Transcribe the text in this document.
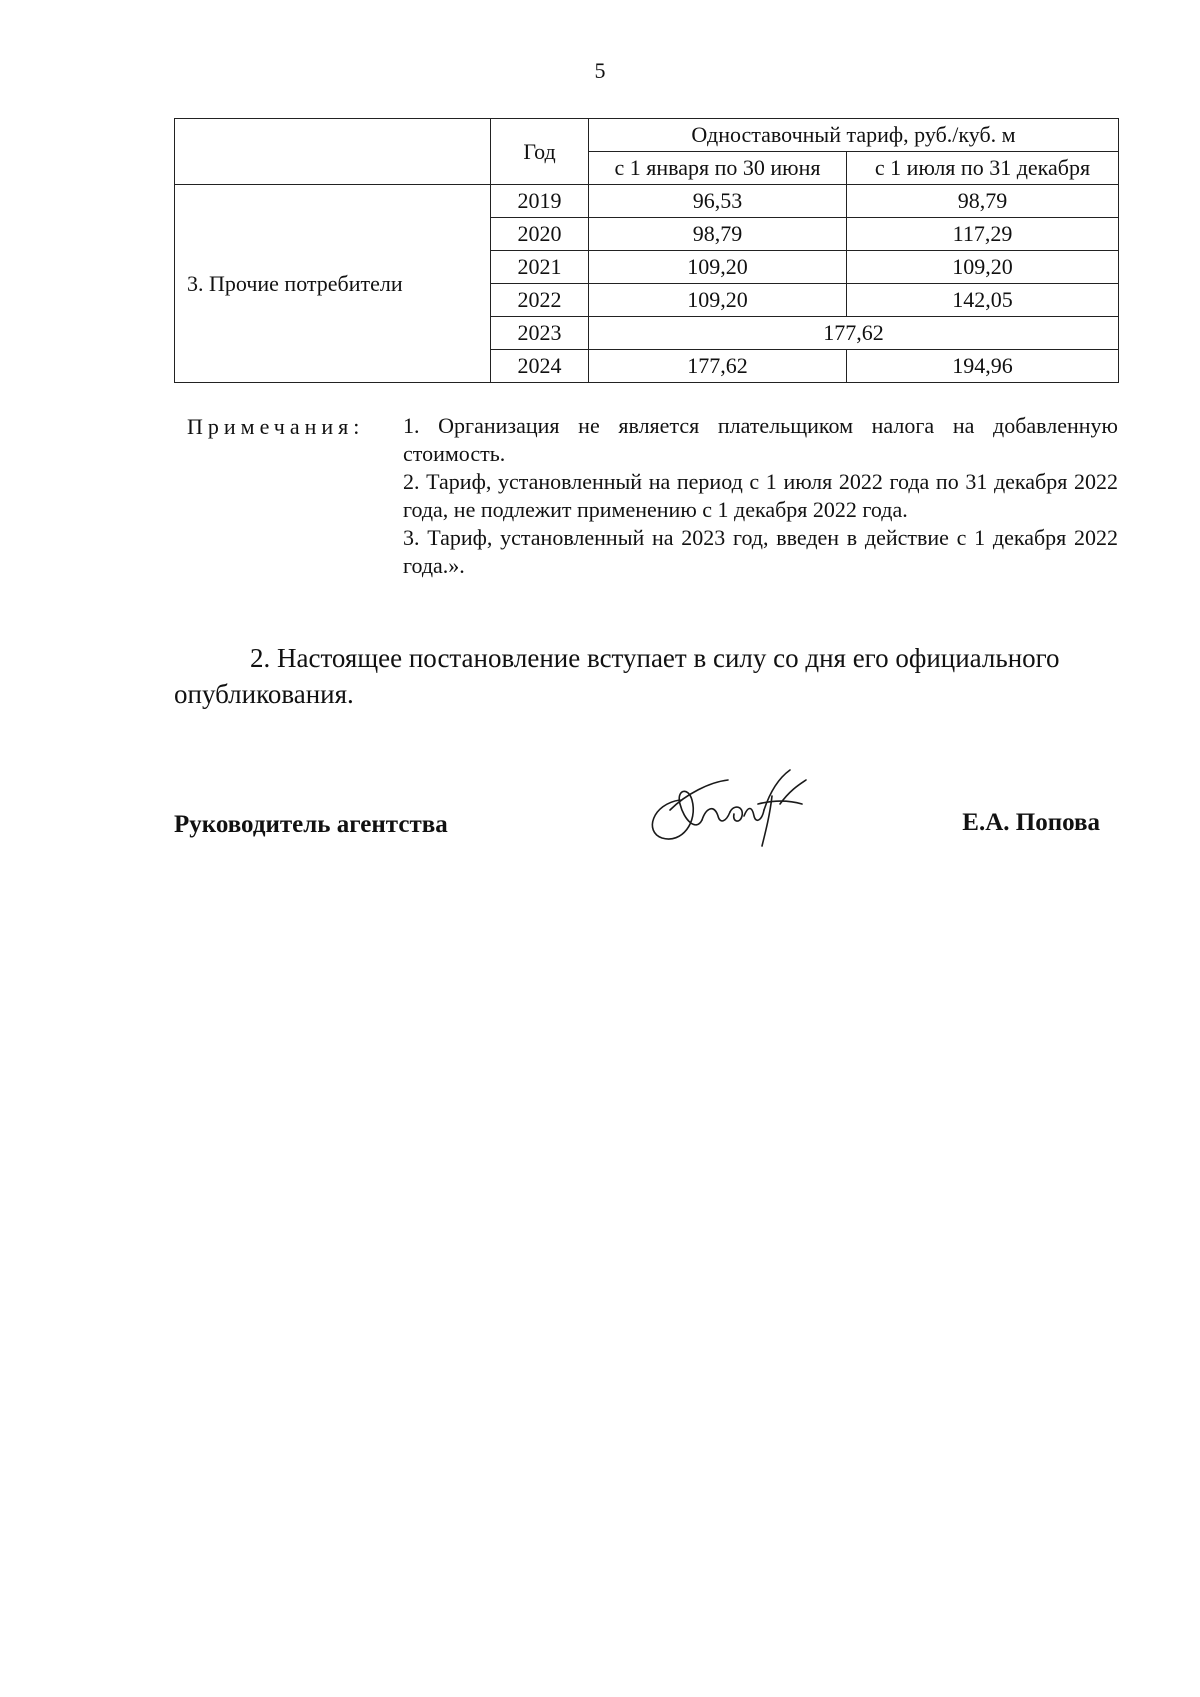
5
	Год	Одноставочный тариф, руб./куб. м	
		с 1 января по 30 июня	с 1 июля по 31 декабря
3. Прочие потребители	2019	96,53	98,79
	2020	98,79	117,29
	2021	109,20	109,20
	2022	109,20	142,05
	2023	177,62	
	2024	177,62	194,96
Примечания: 1. Организация не является плательщиком налога на добавленную стоимость.

2. Тариф, установленный на период с 1 июля 2022 года по 31 декабря 2022 года, не подлежит применению с 1 декабря 2022 года.

3. Тариф, установленный на 2023 год, введен в действие с 1 декабря 2022 года.».

2. Настоящее постановление вступает в силу со дня его официального опубликования.

Руководитель агентства	Е.А. Попова
